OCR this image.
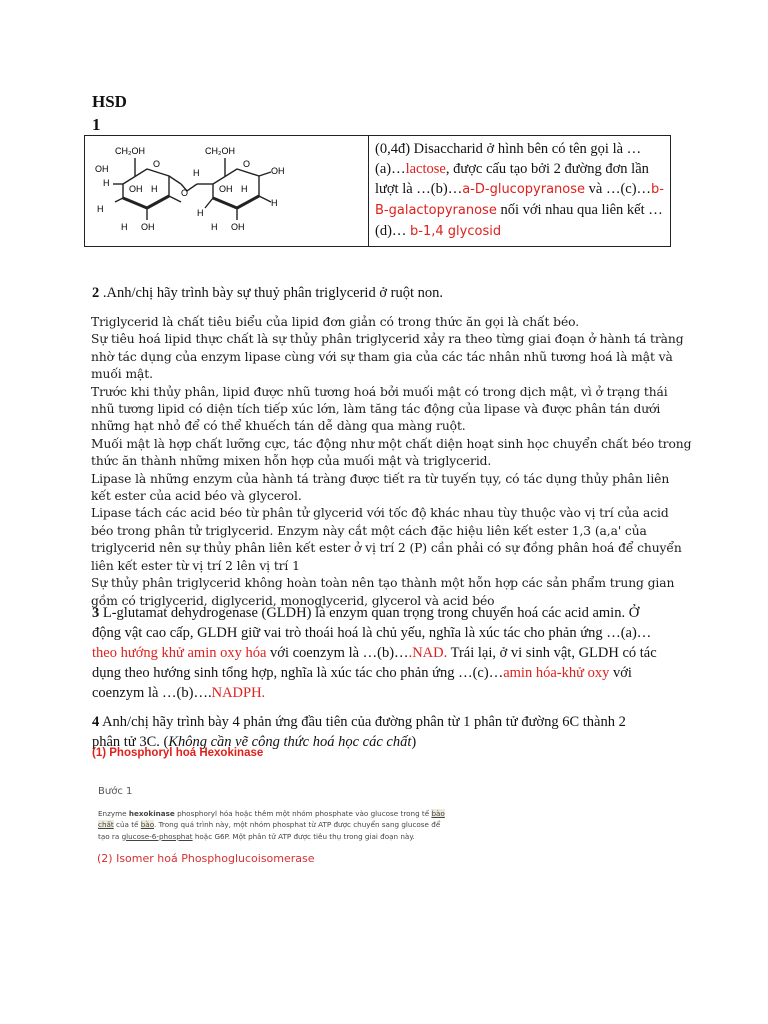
HSD
1
CH₂OH
O
OH
H
OH H
H
H OH
O
CH₂OH
O
H	OH
OH H
H
H
H OH

(0,4đ) Disaccharid ở hình bên có tên gọi là …
(a)…lactose, được cấu tạo bởi 2 đường đơn lần
lượt là …(b)…a-D-glucopyranose và …(c)…b-
B-galactopyranose nối với nhau qua liên kết …
(d)… b-1,4 glycosid
2 .Anh/chị hãy trình bày sự thuỷ phân triglycerid ở ruột non.
Triglycerid là chất tiêu biểu của lipid đơn giản có trong thức ăn gọi là chất béo.
Sự tiêu hoá lipid thực chất là sự thủy phân triglycerid xảy ra theo từng giai đoạn ở hành tá tràng
nhờ tác dụng của enzym lipase cùng với sự tham gia của các tác nhân nhũ tương hoá là mật và
muối mật.
Trước khi thủy phân, lipid được nhũ tương hoá bởi muối mật có trong dịch mật, vì ở trạng thái
nhũ tương lipid có diện tích tiếp xúc lớn, làm tăng tác động của lipase và được phân tán dưới
những hạt nhỏ để có thể khuếch tán dễ dàng qua màng ruột.
Muối mật là hợp chất lưỡng cực, tác động như một chất diện hoạt sinh học chuyển chất béo trong
thức ăn thành những mixen hỗn hợp của muối mật và triglycerid.
Lipase là những enzym của hành tá tràng được tiết ra từ tuyến tụy, có tác dụng thủy phân liên
kết ester của acid béo và glycerol.
Lipase tách các acid béo từ phân tử glycerid với tốc độ khác nhau tùy thuộc vào vị trí của acid
béo trong phân tử triglycerid. Enzym này cắt một cách đặc hiệu liên kết ester 1,3 (a,a' của
triglycerid nên sự thủy phân liên kết ester ở vị trí 2 (P) cần phải có sự đồng phân hoá để chuyển
liên kết ester từ vị trí 2 lên vị trí 1
Sự thủy phân triglycerid không hoàn toàn nên tạo thành một hỗn hợp các sản phẩm trung gian
gồm có triglycerid, diglycerid, monoglycerid, glycerol và acid béo
3 L-glutamat dehydrogenase (GLDH) là enzym quan trọng trong chuyển hoá các acid amin. Ở
động vật cao cấp, GLDH giữ vai trò thoái hoá là chủ yếu, nghĩa là xúc tác cho phản ứng …(a)…
theo hướng khử amin oxy hóa với coenzym là …(b)….NAD. Trái lại, ở vi sinh vật, GLDH có tác
dụng theo hướng sinh tổng hợp, nghĩa là xúc tác cho phản ứng …(c)…amin hóa-khử oxy với
coenzym là …(b)….NADPH.
4 Anh/chị hãy trình bày 4 phản ứng đầu tiên của đường phân từ 1 phân tử đường 6C thành 2
phân tử 3C. (Không cần vẽ công thức hoá học các chất)
(1) Phosphoryl hoá Hexokinase
Bước 1
Enzyme hexokinase phosphoryl hóa hoặc thêm một nhóm phosphate vào glucose trong tế bào
chất của tế bào. Trong quá trình này, một nhóm phosphat từ ATP được chuyển sang glucose để
tạo ra glucose-6-phosphat hoặc G6P. Một phân tử ATP được tiêu thụ trong giai đoạn này.
(2) Isomer hoá Phosphoglucoisomerase
